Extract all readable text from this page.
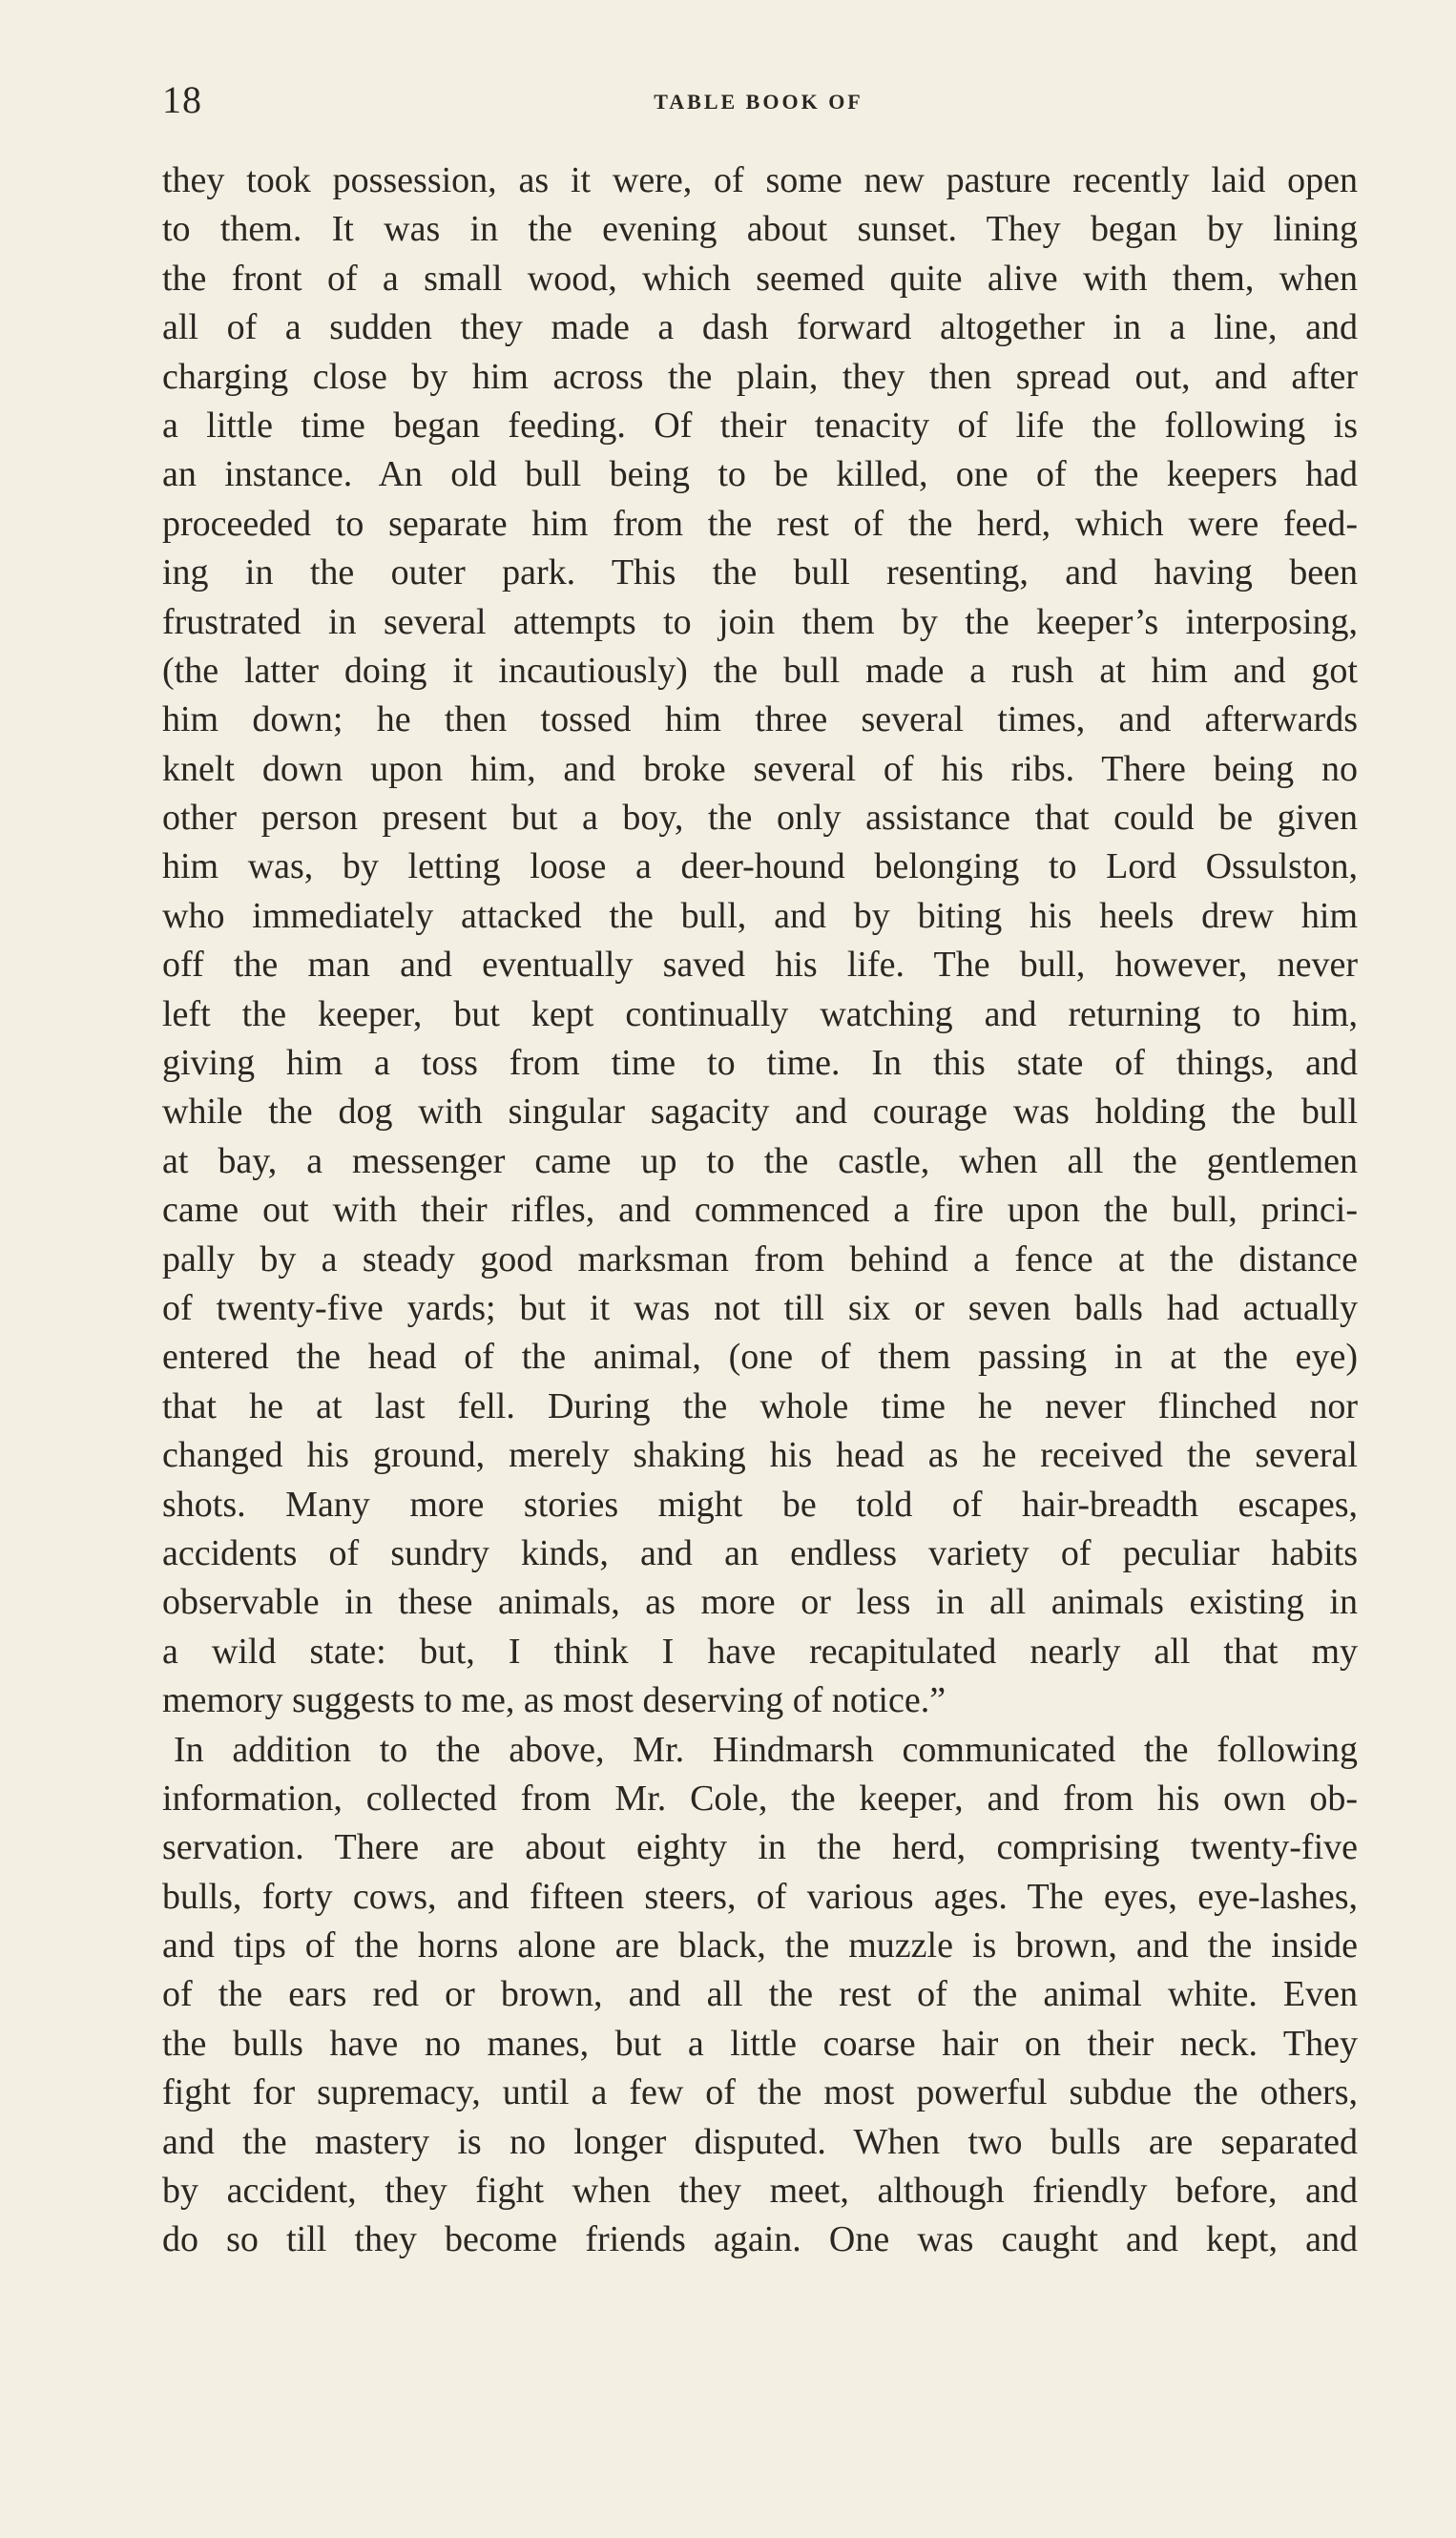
18	TABLE BOOK OF
they took possession, as it were, of some new pasture recently laid open
to them. It was in the evening about sunset. They began by lining
the front of a small wood, which seemed quite alive with them, when
all of a sudden they made a dash forward altogether in a line, and
charging close by him across the plain, they then spread out, and after
a little time began feeding. Of their tenacity of life the following is
an instance. An old bull being to be killed, one of the keepers had
proceeded to separate him from the rest of the herd, which were feed-
ing in the outer park. This the bull resenting, and having been
frustrated in several attempts to join them by the keeper’s interposing,
(the latter doing it incautiously) the bull made a rush at him and got
him down; he then tossed him three several times, and afterwards
knelt down upon him, and broke several of his ribs. There being no
other person present but a boy, the only assistance that could be given
him was, by letting loose a deer-hound belonging to Lord Ossulston,
who immediately attacked the bull, and by biting his heels drew him
off the man and eventually saved his life. The bull, however, never
left the keeper, but kept continually watching and returning to him,
giving him a toss from time to time. In this state of things, and
while the dog with singular sagacity and courage was holding the bull
at bay, a messenger came up to the castle, when all the gentlemen
came out with their rifles, and commenced a fire upon the bull, princi-
pally by a steady good marksman from behind a fence at the distance
of twenty-five yards; but it was not till six or seven balls had actually
entered the head of the animal, (one of them passing in at the eye)
that he at last fell. During the whole time he never flinched nor
changed his ground, merely shaking his head as he received the several
shots. Many more stories might be told of hair-breadth escapes,
accidents of sundry kinds, and an endless variety of peculiar habits
observable in these animals, as more or less in all animals existing in
a wild state: but, I think I have recapitulated nearly all that my
memory suggests to me, as most deserving of notice.”
In addition to the above, Mr. Hindmarsh communicated the following
information, collected from Mr. Cole, the keeper, and from his own ob-
servation. There are about eighty in the herd, comprising twenty-five
bulls, forty cows, and fifteen steers, of various ages. The eyes, eye-lashes,
and tips of the horns alone are black, the muzzle is brown, and the inside
of the ears red or brown, and all the rest of the animal white. Even
the bulls have no manes, but a little coarse hair on their neck. They
fight for supremacy, until a few of the most powerful subdue the others,
and the mastery is no longer disputed. When two bulls are separated
by accident, they fight when they meet, although friendly before, and
do so till they become friends again. One was caught and kept, and
